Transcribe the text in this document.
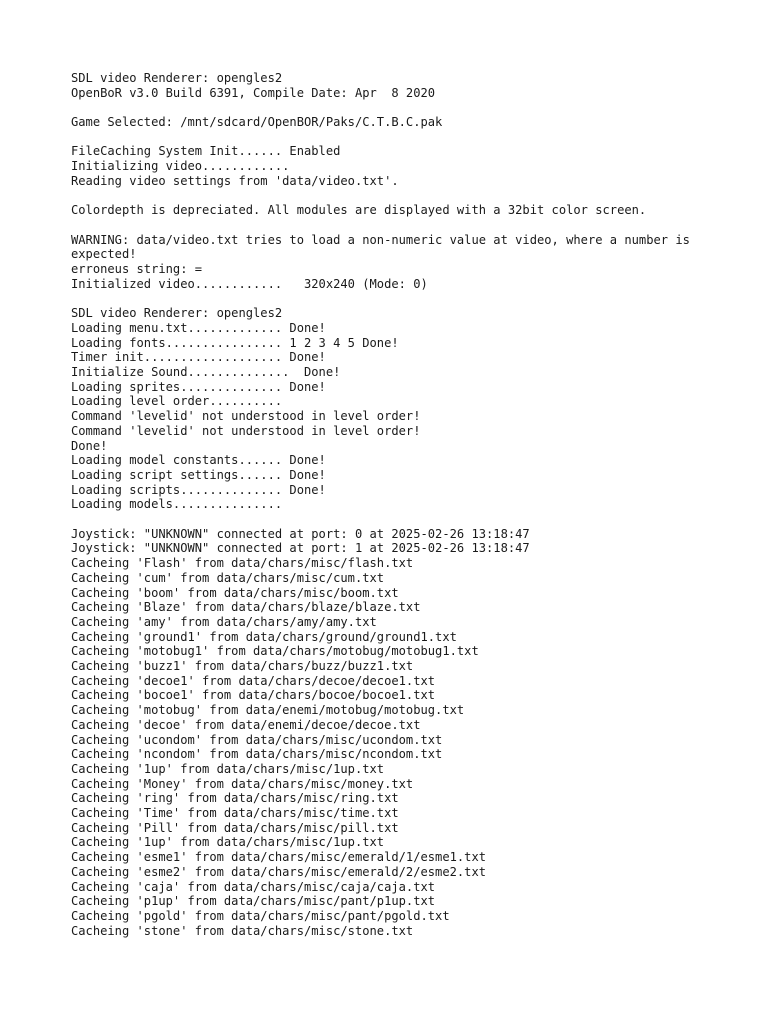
SDL video Renderer: opengles2
OpenBoR v3.0 Build 6391, Compile Date: Apr  8 2020
Game Selected: /mnt/sdcard/OpenBOR/Paks/C.T.B.C.pak
FileCaching System Init...... Enabled
Initializing video............
Reading video settings from 'data/video.txt'.
Colordepth is depreciated. All modules are displayed with a 32bit color screen.
WARNING: data/video.txt tries to load a non-numeric value at video, where a number is expected!
erroneus string: =
Initialized video............	320x240 (Mode: 0)
SDL video Renderer: opengles2
Loading menu.txt............. Done!
Loading fonts................ 1 2 3 4 5 Done!
Timer init................... Done!
Initialize Sound..............	Done!
Loading sprites.............. Done!
Loading level order..........
Command 'levelid' not understood in level order!
Command 'levelid' not understood in level order!
Done!
Loading model constants...... Done!
Loading script settings...... Done!
Loading scripts.............. Done!
Loading models...............
Joystick: "UNKNOWN" connected at port: 0 at 2025-02-26 13:18:47
Joystick: "UNKNOWN" connected at port: 1 at 2025-02-26 13:18:47
Cacheing 'Flash' from data/chars/misc/flash.txt
Cacheing 'cum' from data/chars/misc/cum.txt
Cacheing 'boom' from data/chars/misc/boom.txt
Cacheing 'Blaze' from data/chars/blaze/blaze.txt
Cacheing 'amy' from data/chars/amy/amy.txt
Cacheing 'ground1' from data/chars/ground/ground1.txt
Cacheing 'motobug1' from data/chars/motobug/motobug1.txt
Cacheing 'buzz1' from data/chars/buzz/buzz1.txt
Cacheing 'decoe1' from data/chars/decoe/decoe1.txt
Cacheing 'bocoe1' from data/chars/bocoe/bocoe1.txt
Cacheing 'motobug' from data/enemi/motobug/motobug.txt
Cacheing 'decoe' from data/enemi/decoe/decoe.txt
Cacheing 'ucondom' from data/chars/misc/ucondom.txt
Cacheing 'ncondom' from data/chars/misc/ncondom.txt
Cacheing '1up' from data/chars/misc/1up.txt
Cacheing 'Money' from data/chars/misc/money.txt
Cacheing 'ring' from data/chars/misc/ring.txt
Cacheing 'Time' from data/chars/misc/time.txt
Cacheing 'Pill' from data/chars/misc/pill.txt
Cacheing '1up' from data/chars/misc/1up.txt
Cacheing 'esme1' from data/chars/misc/emerald/1/esme1.txt
Cacheing 'esme2' from data/chars/misc/emerald/2/esme2.txt
Cacheing 'caja' from data/chars/misc/caja/caja.txt
Cacheing 'p1up' from data/chars/misc/pant/p1up.txt
Cacheing 'pgold' from data/chars/misc/pant/pgold.txt
Cacheing 'stone' from data/chars/misc/stone.txt
